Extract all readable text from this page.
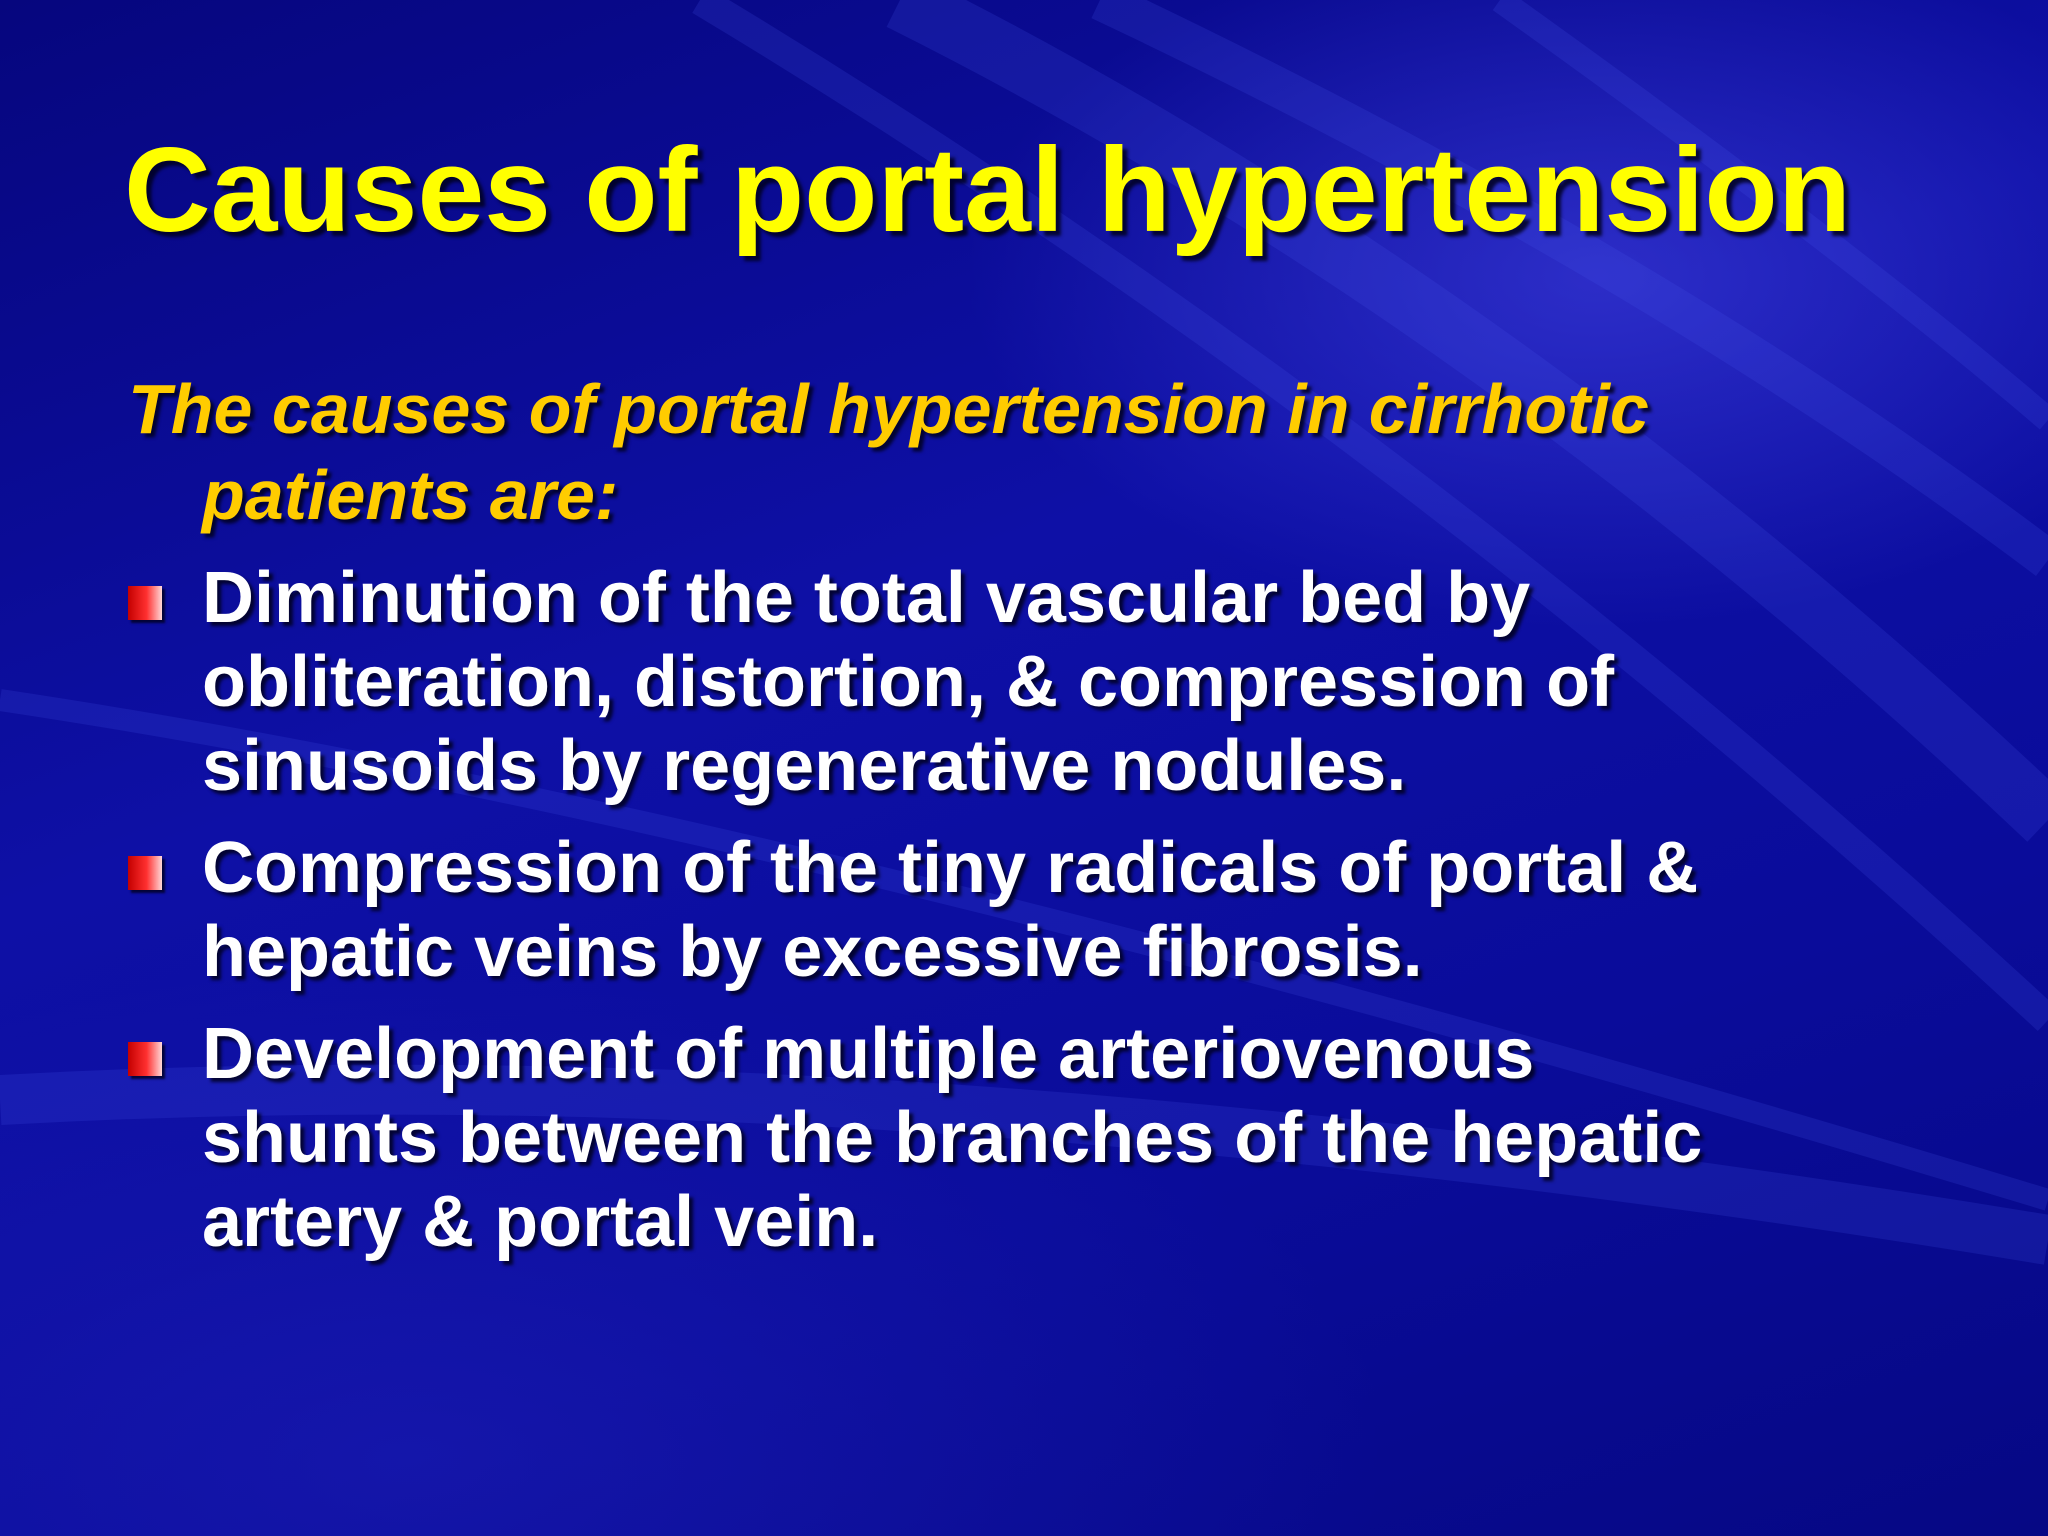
Causes of portal hypertension
The causes of portal hypertension in cirrhotic
patients are:
Diminution of the total vascular bed by
obliteration, distortion, & compression of
sinusoids by regenerative nodules.
Compression of the tiny radicals of portal &
hepatic veins by excessive fibrosis.
Development of multiple arteriovenous
shunts between the branches of the hepatic
artery & portal vein.
